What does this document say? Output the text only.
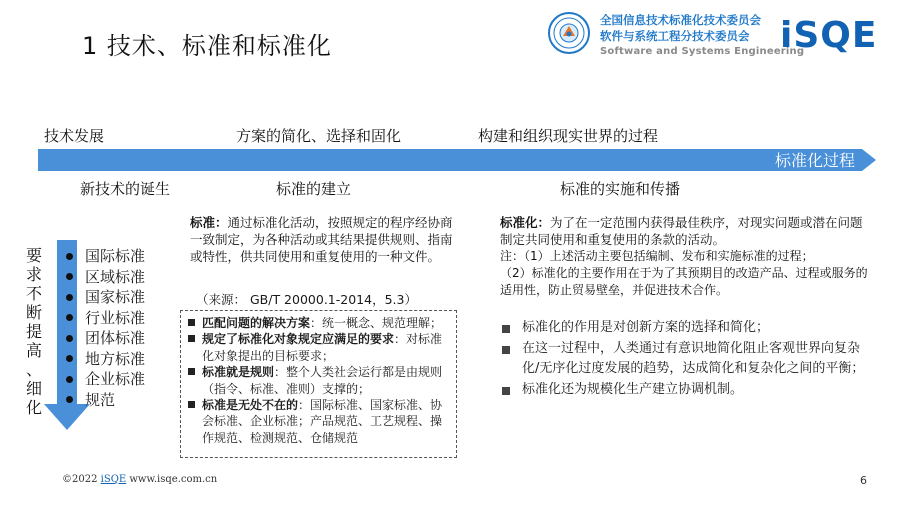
1 技术、标准和标准化
全国信息技术标准化技术委员会
软件与系统工程分技术委员会
Software and Systems Engineering
iSQE
技术发展	方案的简化、选择和固化	构建和组织现实世界的过程
标准化过程
新技术的诞生	标准的建立	标准的实施和传播
要
求
不
断
提
高
、
细
化
国际标准
区域标准
国家标准
行业标准
团体标准
地方标准
企业标准
规范
标准：通过标准化活动，按照规定的程序经协商一致制定，为各种活动或其结果提供规则、指南或特性，供共同使用和重复使用的一种文件。
（来源： GB/T 20000.1-2014，5.3）
匹配问题的解决方案：统一概念、规范理解；
规定了标准化对象规定应满足的要求：对标准化对象提出的目标要求；
标准就是规则：整个人类社会运行都是由规则（指令、标准、准则）支撑的；
标准是无处不在的：国际标准、国家标准、协会标准、企业标准；产品规范、工艺规程、操作规范、检测规范、仓储规范
标准化：为了在一定范围内获得最佳秩序，对现实问题或潜在问题制定共同使用和重复使用的条款的活动。
注：（1）上述活动主要包括编制、发布和实施标准的过程；
（2）标准化的主要作用在于为了其预期目的改造产品、过程或服务的适用性，防止贸易壁垒，并促进技术合作。
标准化的作用是对创新方案的选择和简化；
在这一过程中，人类通过有意识地简化阻止客观世界向复杂化/无序化过度发展的趋势，达成简化和复杂化之间的平衡；
标准化还为规模化生产建立协调机制。
©2022 iSQE www.isqe.com.cn	6
